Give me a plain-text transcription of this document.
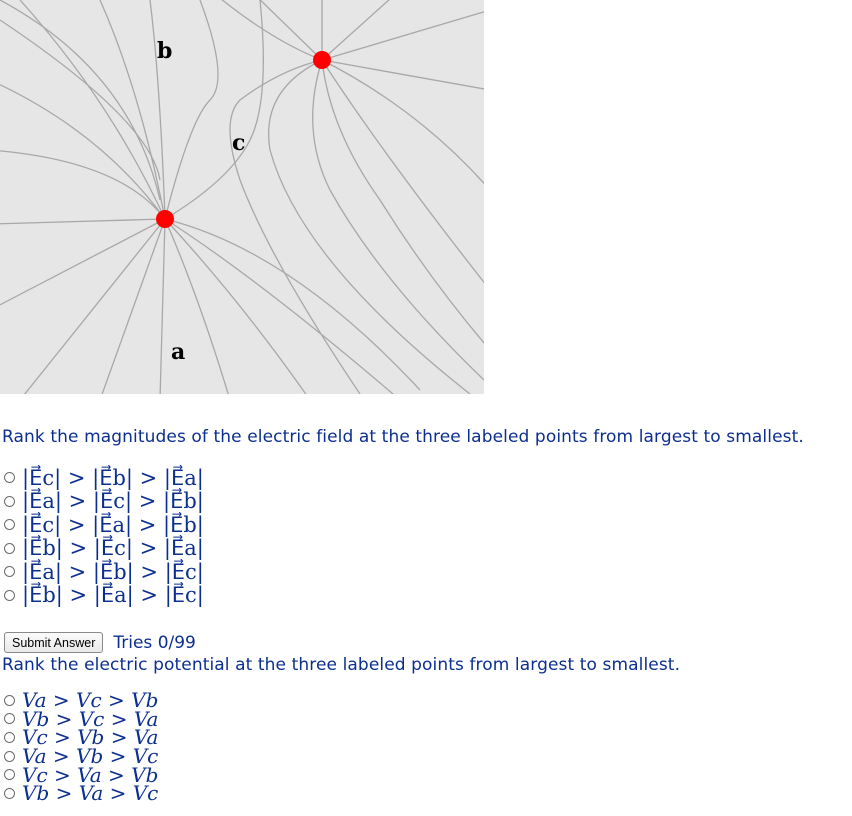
b
c
a
Rank the magnitudes of the electric field at the three labeled points from largest to smallest.
|E⃗c| > |E⃗b| > |E⃗a|
|E⃗a| > |E⃗c| > |E⃗b|
|E⃗c| > |E⃗a| > |E⃗b|
|E⃗b| > |E⃗c| > |E⃗a|
|E⃗a| > |E⃗b| > |E⃗c|
|E⃗b| > |E⃗a| > |E⃗c|
Submit Answer	Tries 0/99
Rank the electric potential at the three labeled points from largest to smallest.
Va > Vc > Vb
Vb > Vc > Va
Vc > Vb > Va
Va > Vb > Vc
Vc > Va > Vb
Vb > Va > Vc
